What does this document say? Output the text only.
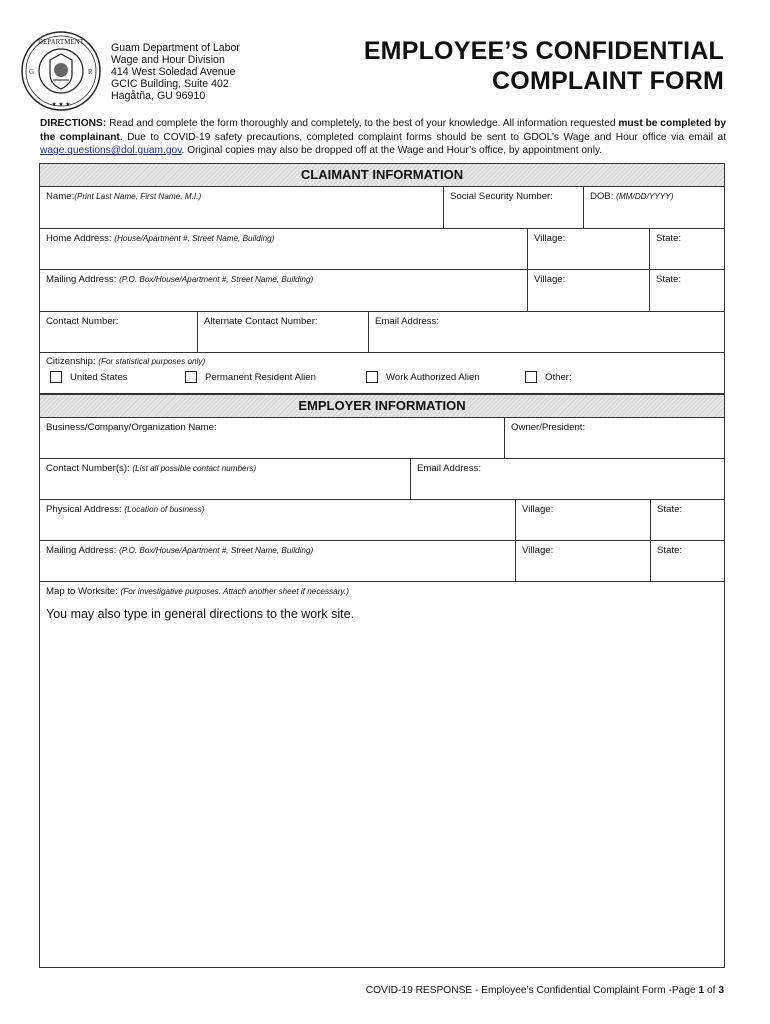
DEPARTMENT
★ ★ ★
G	R
Guam Department of Labor
Wage and Hour Division
414 West Soledad Avenue
GCIC Building, Suite 402
Hagåtña, GU 96910
EMPLOYEE’S CONFIDENTIAL
COMPLAINT FORM
DIRECTIONS: Read and complete the form thoroughly and completely, to the best of your knowledge. All information requested must be completed by the complainant. Due to COVID-19 safety precautions, completed complaint forms should be sent to GDOL’s Wage and Hour office via email at wage.questions@dol.guam.gov. Original copies may also be dropped off at the Wage and Hour’s office, by appointment only.
CLAIMANT INFORMATION
Name:(Print Last Name, First Name, M.I.)	Social Security Number:	DOB: (MM/DD/YYYY)
Home Address: (House/Apartment #, Street Name, Building)	Village:	State:
Mailing Address: (P.O. Box/House/Apartment #, Street Name, Building)	Village:	State:
Contact Number:	Alternate Contact Number:	Email Address:
Citizenship: (For statistical purposes only)
United States	Permanent Resident Alien	Work Authorized Alien	Other:
EMPLOYER INFORMATION
Business/Company/Organization Name:	Owner/President:
Contact Number(s): (List all possible contact numbers)	Email Address:
Physical Address: (Location of business)	Village:	State:
Mailing Address: (P.O. Box/House/Apartment #, Street Name, Building)	Village:	State:
Map to Worksite: (For investigative purposes. Attach another sheet if necessary.)
You may also type in general directions to the work site.
COVID-19 RESPONSE - Employee’s Confidential Complaint Form -Page 1 of 3
